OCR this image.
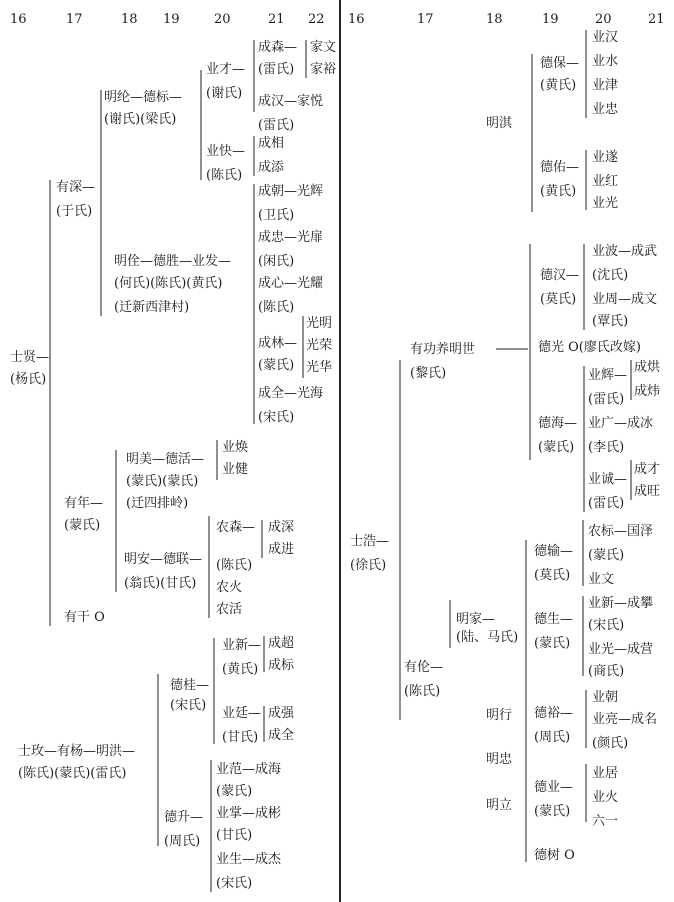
16	17	18 19	20	21 22 16	17	18	19	20	21
成森— 家文
(雷氏) 家裕
业才—
(谢氏)
明纶—德标—
(谢氏)(梁氏)
成汉—家悦
(雷氏)
业快—
(陈氏)
成相
成添
有深—
(于氏)
成朝—光辉
(卫氏)
成忠—光扉
(闲氏)
明佺—德胜—业发—
(何氏)(陈氏)(黄氏)
(迁新西津村)
成心—光耀
(陈氏)
光明
成林— 光荣
(蒙氏) 光华
士贤—
(杨氏)
成全—光海
(宋氏)
明美—德活—
业焕
(蒙氏)(蒙氏)
业健
(迁四排岭)
有年—
(蒙氏)	农森— 成深
明安—德联—
成进
(陈氏)
(翁氏)(甘氏) 农火
农活
有干 O
业新— 成超
(黄氏) 成标
德桂—
(宋氏)
业廷— 成强
(甘氏) 成全
士玫—有杨—明洪—
(陈氏)(蒙氏)(雷氏)	业范—成海
(蒙氏)
业掌—成彬
德升—
(甘氏)
(周氏)
业生—成杰
(宋氏)
业汉
德保— 业水
(黄氏) 业津
业忠
明淇
业遂
德佑—
业红
(黄氏)
业光
业波—成武
德汉— (沈氏)
(莫氏) 业周—成文
(覃氏)
有功养明世	德光 O(廖氏改嫁)
(黎氏)	业辉—
成烘
(雷氏)
成炜
德海— 业广—成冰
(蒙氏) (李氏)
成才
业诚—
成旺
(雷氏)
农标—国泽
(蒙氏)
德输—
(莫氏) 业文
士浩—
(徐氏)
明家—
(陆、马氏)
业新—成攀
德生— (宋氏)
(蒙氏) 业光—成营
(商氏)
有伦—
(陈氏)	业朝
明行 德裕— 业亮—成名
(周氏) (颜氏)
明忠
业居
德业—
业火
明立 (蒙氏)
六一
德树 O
